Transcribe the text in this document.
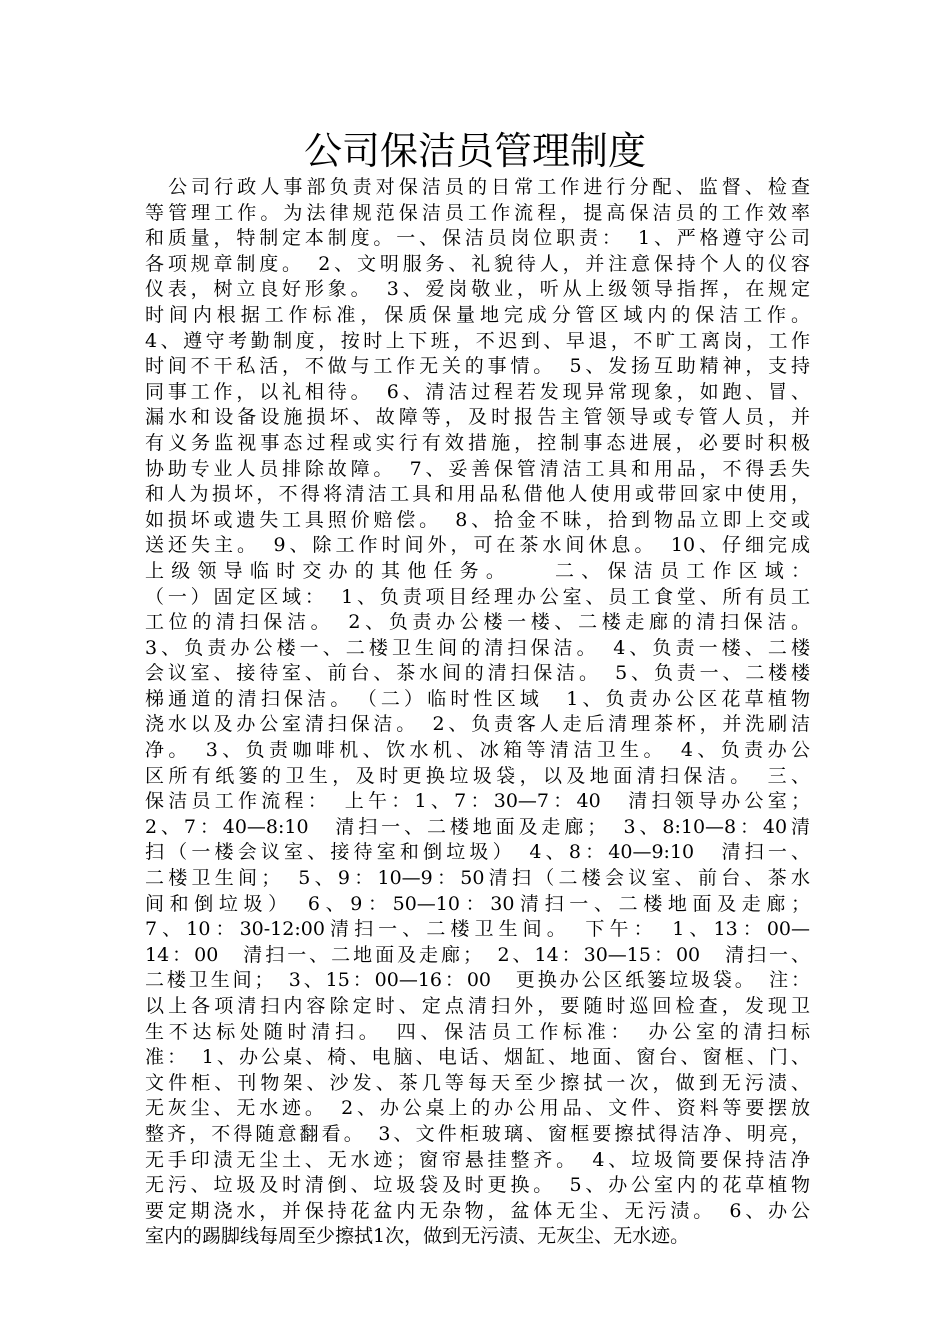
公司保洁员管理制度
　公司行政人事部负责对保洁员的日常工作进行分配、监督、检查
等管理工作。为法律规范保洁员工作流程，提高保洁员的工作效率
和质量，特制定本制度。一、保洁员岗位职责：　1、严格遵守公司
各项规章制度。　2、文明服务、礼貌待人，并注意保持个人的仪容
仪表，树立良好形象。　3、爱岗敬业，听从上级领导指挥，在规定
时间内根据工作标准，保质保量地完成分管区域内的保洁工作。
4、遵守考勤制度，按时上下班，不迟到、早退，不旷工离岗，工作
时间不干私活，不做与工作无关的事情。　5、发扬互助精神，支持
同事工作，以礼相待。　6、清洁过程若发现异常现象，如跑、冒、
漏水和设备设施损坏、故障等，及时报告主管领导或专管人员，并
有义务监视事态过程或实行有效措施，控制事态进展，必要时积极
协助专业人员排除故障。　7、妥善保管清洁工具和用品，不得丢失
和人为损坏，不得将清洁工具和用品私借他人使用或带回家中使用，
如损坏或遗失工具照价赔偿。　8、拾金不昧，拾到物品立即上交或
送还失主。　9、除工作时间外，可在茶水间休息。　10、仔细完成
上级领导临时交办的其他任务。　　二、保洁员工作区域：
（一）固定区域：　1、负责项目经理办公室、员工食堂、所有员工
工位的清扫保洁。　2、负责办公楼一楼、二楼走廊的清扫保洁。
3、负责办公楼一、二楼卫生间的清扫保洁。　4、负责一楼、二楼
会议室、接待室、前台、茶水间的清扫保洁。　5、负责一、二楼楼
梯通道的清扫保洁。　（二）临时性区域　1、负责办公区花草植物
浇水以及办公室清扫保洁。　2、负责客人走后清理茶杯，并洗刷洁
净。　3、负责咖啡机、饮水机、冰箱等清洁卫生。　4、负责办公
区所有纸篓的卫生，及时更换垃圾袋，以及地面清扫保洁。　三、
保洁员工作流程：　上午：1、7：30—7：40　清扫领导办公室；
2、7：40—8:10　清扫一、二楼地面及走廊；　3、8:10—8：40清
扫（一楼会议室、接待室和倒垃圾）　4、8：40—9:10　清扫一、
二楼卫生间；　5、9：10—9：50清扫（二楼会议室、前台、茶水
间和倒垃圾）　6、9：50—10：30清扫一、二楼地面及走廊；
7、10：30-12:00清扫一、二楼卫生间。　下午：　1、13：00—
14：00　清扫一、二地面及走廊；　2、14：30—15：00　清扫一、
二楼卫生间；　3、15：00—16：00　更换办公区纸篓垃圾袋。　注：
以上各项清扫内容除定时、定点清扫外，要随时巡回检查，发现卫
生不达标处随时清扫。　四、保洁员工作标准：　办公室的清扫标
准：　1、办公桌、椅、电脑、电话、烟缸、地面、窗台、窗框、门、
文件柜、刊物架、沙发、茶几等每天至少擦拭一次，做到无污渍、
无灰尘、无水迹。　2、办公桌上的办公用品、文件、资料等要摆放
整齐，不得随意翻看。　3、文件柜玻璃、窗框要擦拭得洁净、明亮，
无手印渍无尘土、无水迹；窗帘悬挂整齐。　4、垃圾筒要保持洁净
无污、垃圾及时清倒、垃圾袋及时更换。　5、办公室内的花草植物
要定期浇水，并保持花盆内无杂物，盆体无尘、无污渍。　6、办公
室内的踢脚线每周至少擦拭1次，做到无污渍、无灰尘、无水迹。
